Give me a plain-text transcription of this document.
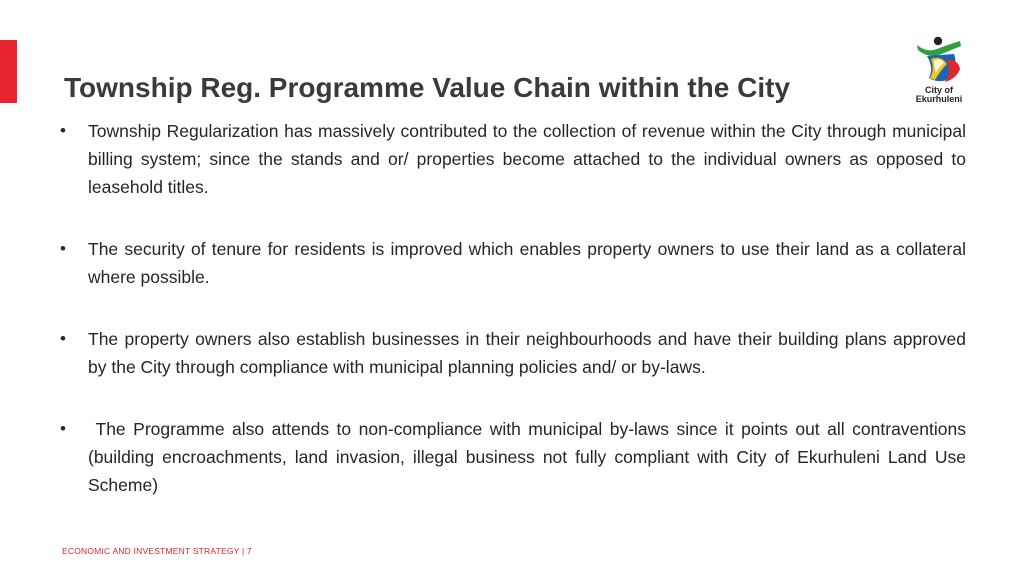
Township Reg. Programme Value Chain within the City	City of
Ekurhuleni
• Township Regularization has massively contributed to the collection of revenue within the City through municipal billing system; since the stands and or/ properties become attached to the individual owners as opposed to leasehold titles.
• The security of tenure for residents is improved which enables property owners to use their land as a collateral where possible.
• The property owners also establish businesses in their neighbourhoods and have their building plans approved by the City through compliance with municipal planning policies and/ or by-laws.
• The Programme also attends to non-compliance with municipal by-laws since it points out all contraventions (building encroachments, land invasion, illegal business not fully compliant with City of Ekurhuleni Land Use Scheme)
ECONOMIC AND INVESTMENT STRATEGY | 7
